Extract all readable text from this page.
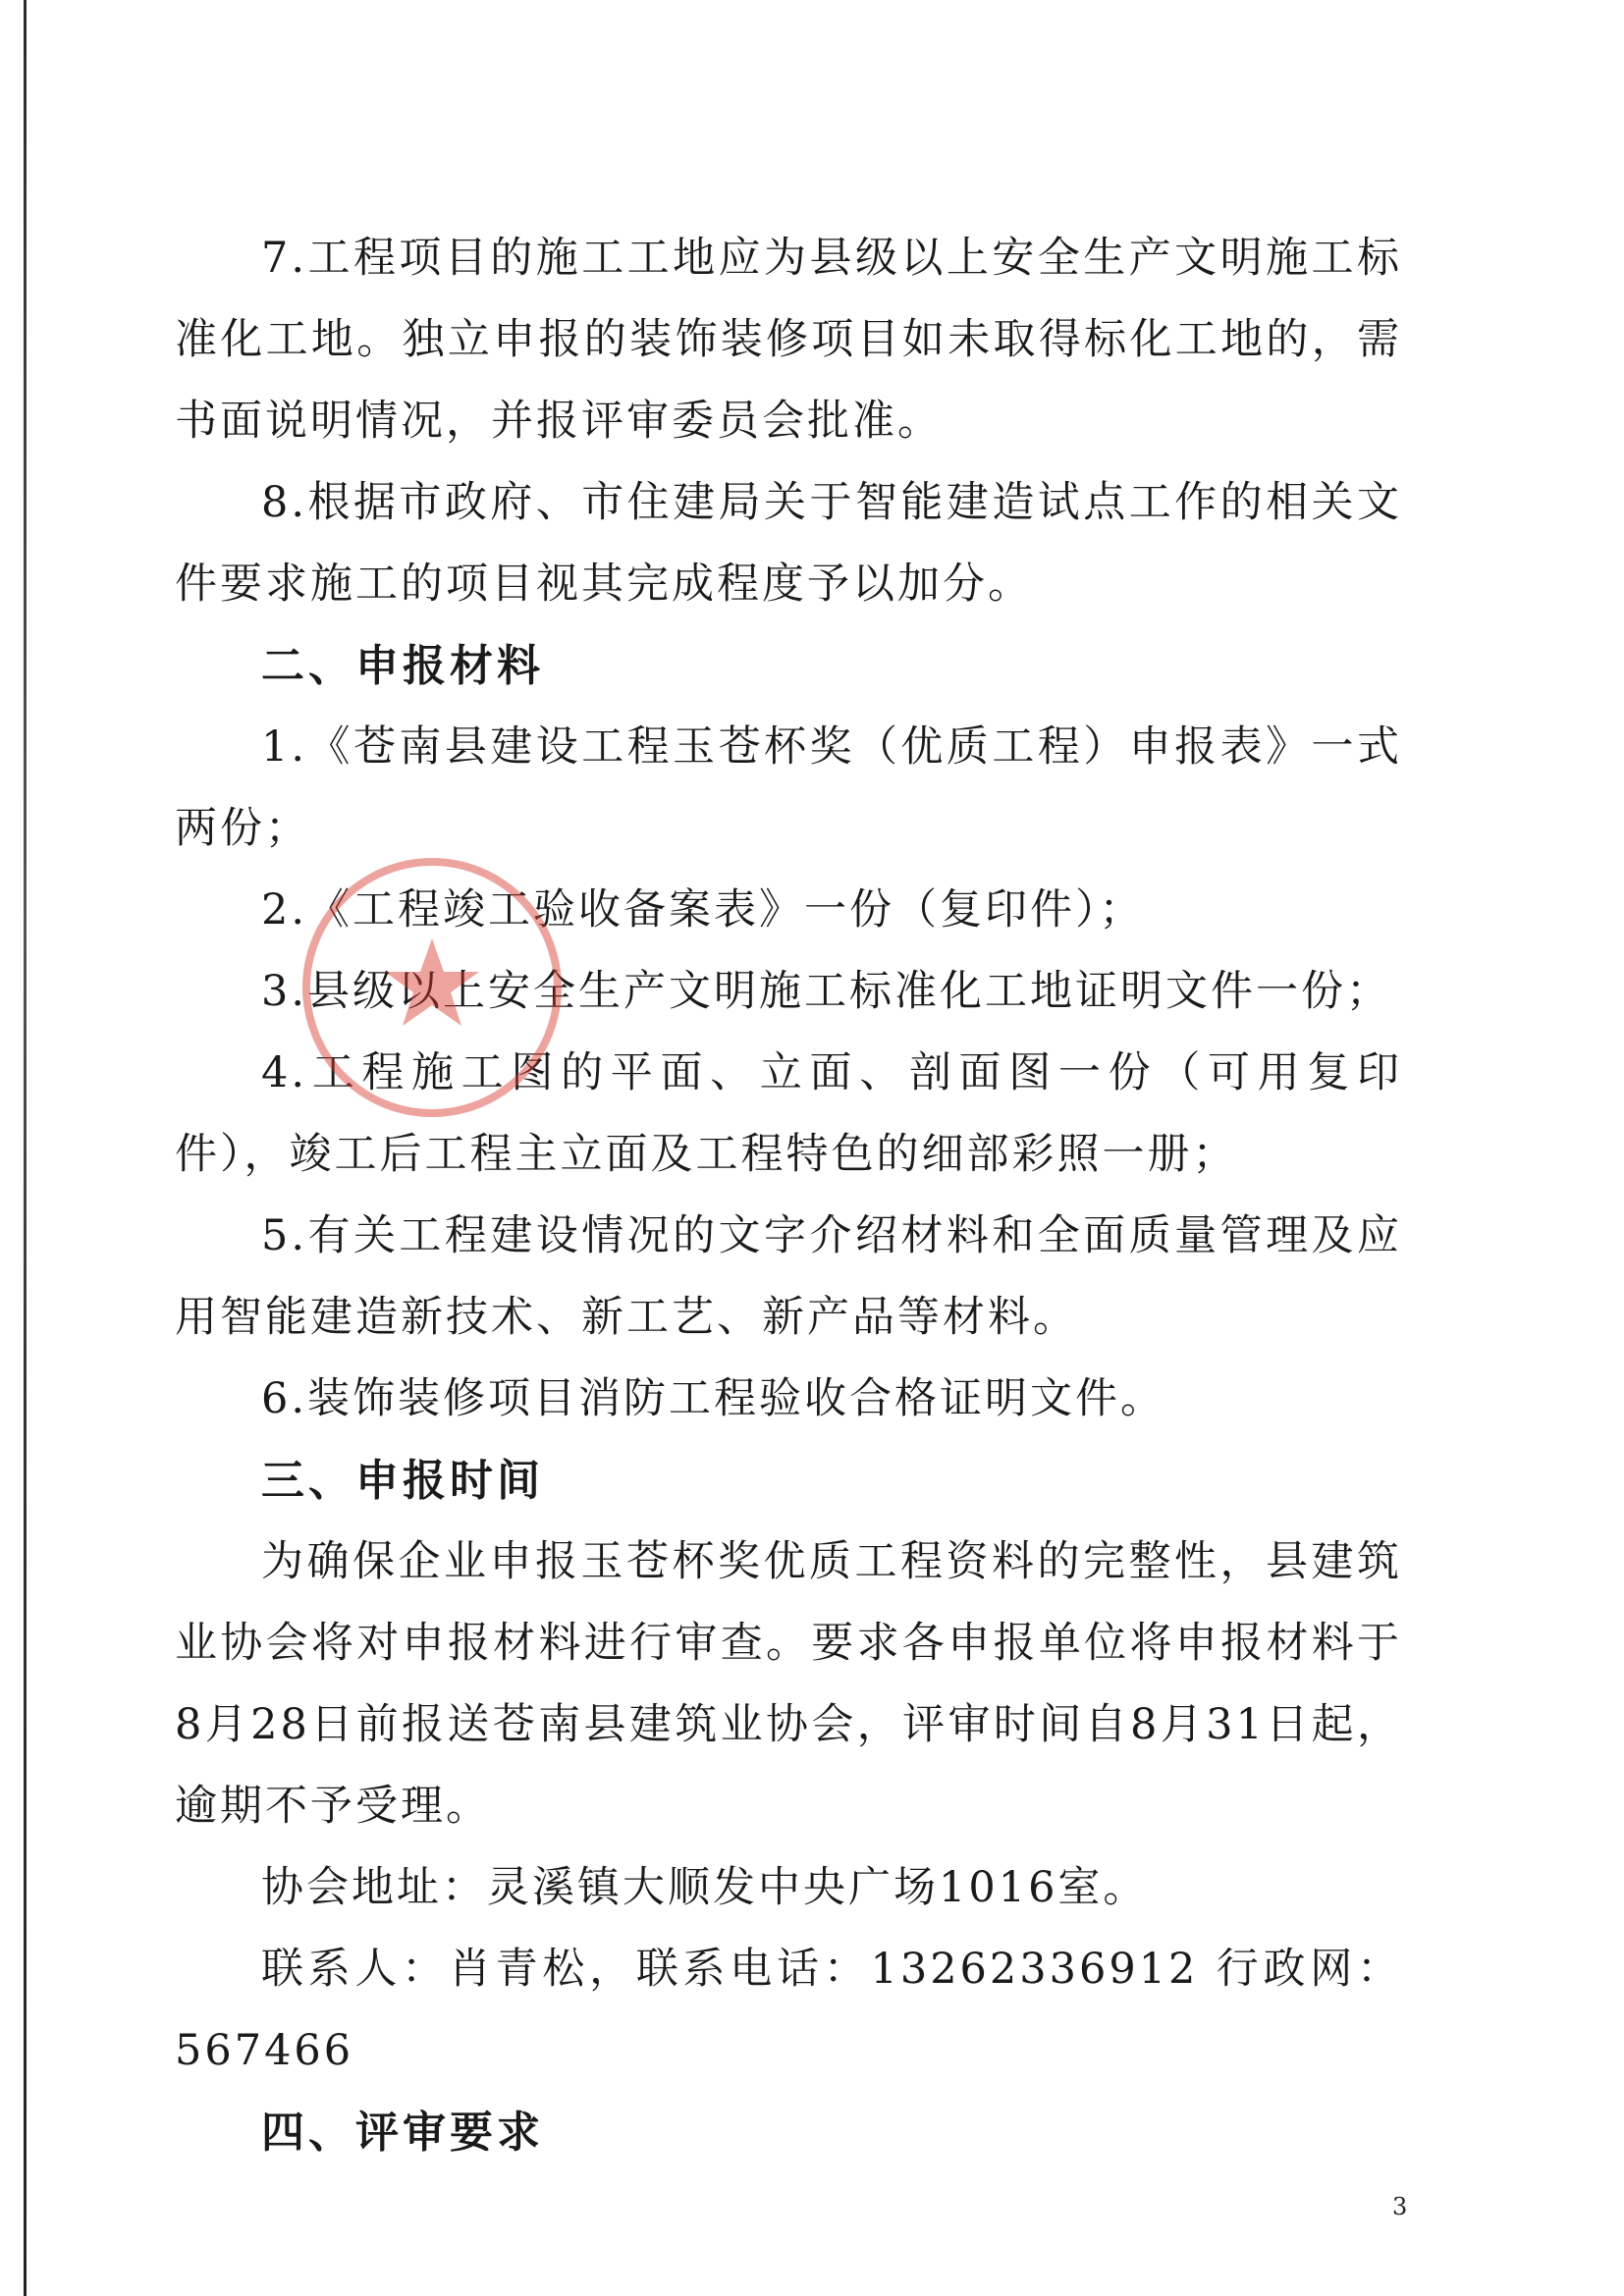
7.工程项目的施工工地应为县级以上安全生产文明施工标准化工地。独立申报的装饰装修项目如未取得标化工地的，需书面说明情况，并报评审委员会批准。

8.根据市政府、市住建局关于智能建造试点工作的相关文件要求施工的项目视其完成程度予以加分。

二、申报材料

1.《苍南县建设工程玉苍杯奖（优质工程）申报表》一式两份；

2.《工程竣工验收备案表》一份（复印件）；

3.县级以上安全生产文明施工标准化工地证明文件一份；

4.工程施工图的平面、立面、剖面图一份（可用复印件），竣工后工程主立面及工程特色的细部彩照一册；

5.有关工程建设情况的文字介绍材料和全面质量管理及应用智能建造新技术、新工艺、新产品等材料。

6.装饰装修项目消防工程验收合格证明文件。

三、申报时间

为确保企业申报玉苍杯奖优质工程资料的完整性，县建筑业协会将对申报材料进行审查。要求各申报单位将申报材料于8月28日前报送苍南县建筑业协会，评审时间自8月31日起，逾期不予受理。

协会地址：灵溪镇大顺发中央广场1016室。

联系人：肖青松，联系电话：13262336912 行政网：567466

四、评审要求

3
